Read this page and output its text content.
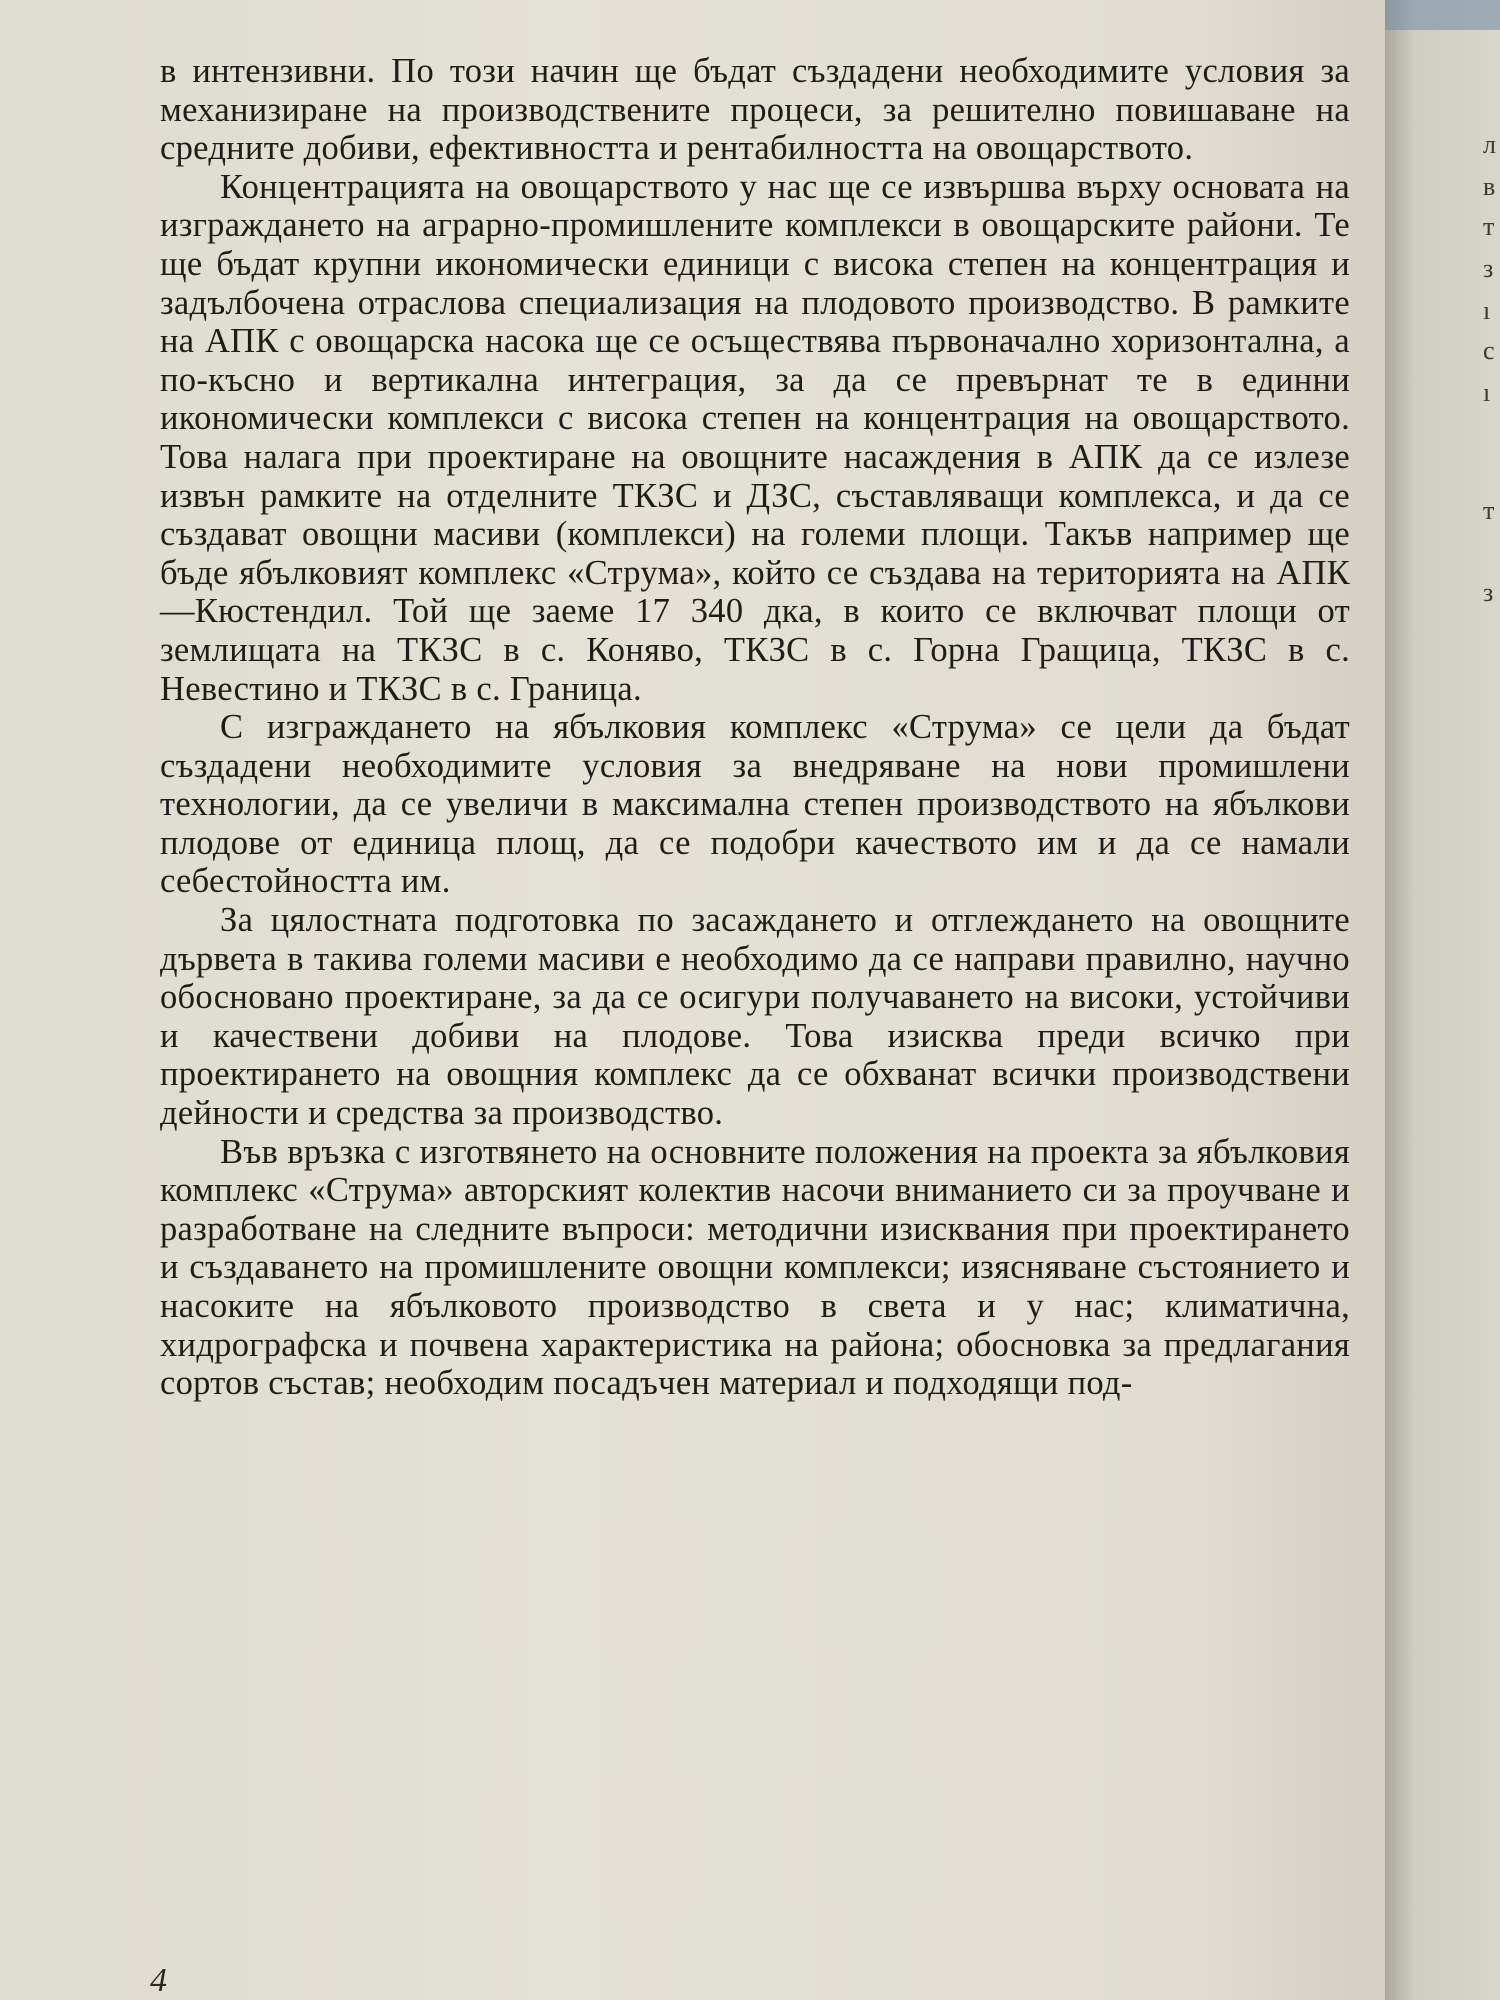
в интензивни. По този начин ще бъдат създадени необходимите условия за механизиране на производствените процеси, за решително повишаване на средните добиви, ефективността и рентабилността на овощарството.

Концентрацията на овощарството у нас ще се извършва върху основата на изграждането на аграрно-промишлените комплекси в овощарските райони. Те ще бъдат крупни икономически единици с висока степен на концентрация и задълбочена отраслова специализация на плодовото производство. В рамките на АПК с овощарска насока ще се осъществява първоначално хоризонтална, а по-късно и вертикална интеграция, за да се превърнат те в единни икономически комплекси с висока степен на концентрация на овощарството. Това налага при проектиране на овощните насаждения в АПК да се излезе извън рамките на отделните ТКЗС и ДЗС, съставляващи комплекса, и да се създават овощни масиви (комплекси) на големи площи. Такъв например ще бъде ябълковият комплекс «Струма», който се създава на територията на АПК—Кюстендил. Той ще заеме 17 340 дка, в които се включват площи от землищата на ТКЗС в с. Коняво, ТКЗС в с. Горна Гращица, ТКЗС в с. Невестино и ТКЗС в с. Граница.

С изграждането на ябълковия комплекс «Струма» се цели да бъдат създадени необходимите условия за внедряване на нови промишлени технологии, да се увеличи в максимална степен производството на ябълкови плодове от единица площ, да се подобри качеството им и да се намали себестойността им.

За цялостната подготовка по засаждането и отглеждането на овощните дървета в такива големи масиви е необходимо да се направи правилно, научно обосновано проектиране, за да се осигури получаването на високи, устойчиви и качествени добиви на плодове. Това изисква преди всичко при проектирането на овощния комплекс да се обхванат всички производствени дейности и средства за производство.

Във връзка с изготвянето на основните положения на проекта за ябълковия комплекс «Струма» авторският колектив насочи вниманието си за проучване и разработване на следните въпроси: методични изисквания при проектирането и създаването на промишлените овощни комплекси; изясняване състоянието и насоките на ябълковото производство в света и у нас; климатична, хидрографска и почвена характеристика на района; обосновка за предлагания сортов състав; необходим посадъчен материал и подходящи под-

4
л
в
т
з
ı
с
ı
т
з
